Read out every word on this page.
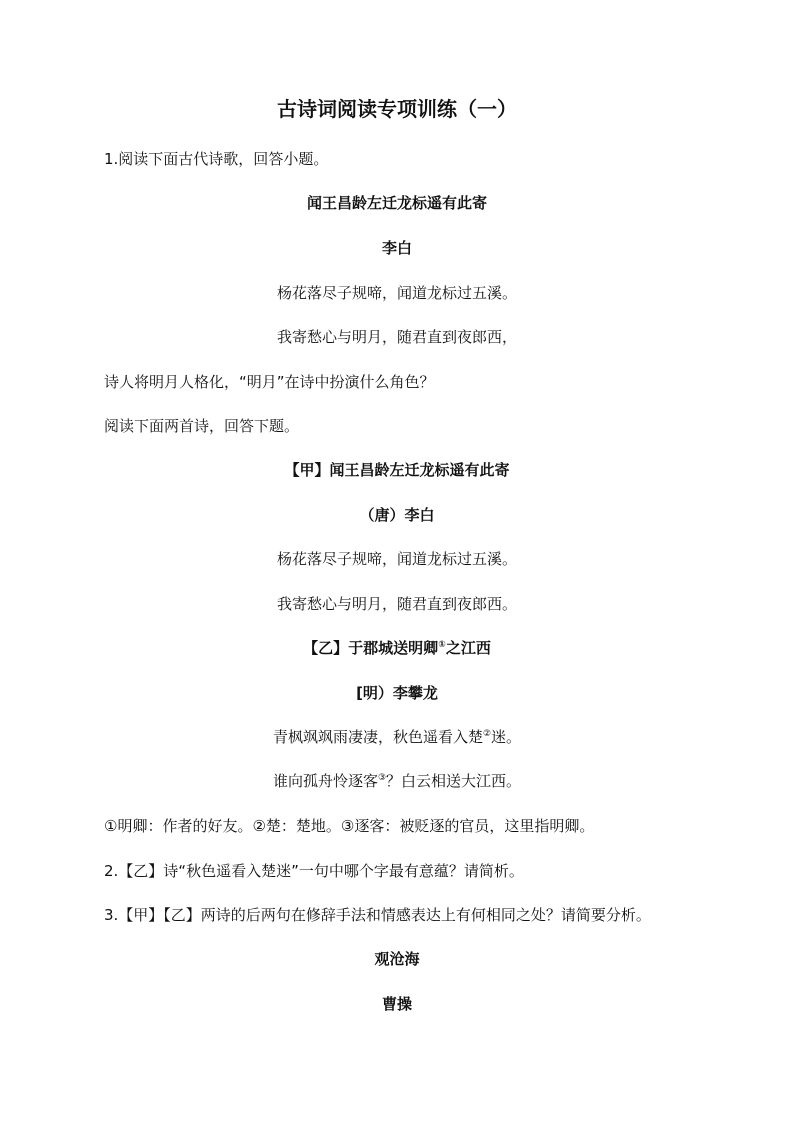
古诗词阅读专项训练（一）
1.阅读下面古代诗歌，回答小题。
闻王昌龄左迁龙标遥有此寄
李白
杨花落尽子规啼，闻道龙标过五溪。
我寄愁心与明月，随君直到夜郎西，
诗人将明月人格化，“明月”在诗中扮演什么角色？
阅读下面两首诗，回答下题。
【甲】闻王昌龄左迁龙标遥有此寄
（唐）李白
杨花落尽子规啼，闻道龙标过五溪。
我寄愁心与明月，随君直到夜郎西。
【乙】于郡城送明卿①之江西
[明）李攀龙
青枫飒飒雨凄凄，秋色遥看入楚②迷。
谁向孤舟怜逐客③？白云相送大江西。
①明卿：作者的好友。②楚：楚地。③逐客：被贬逐的官员，这里指明卿。
2.【乙】诗“秋色遥看入楚迷”一句中哪个字最有意蕴？请简析。
3.【甲】【乙】两诗的后两句在修辞手法和情感表达上有何相同之处？请简要分析。
观沧海
曹操
